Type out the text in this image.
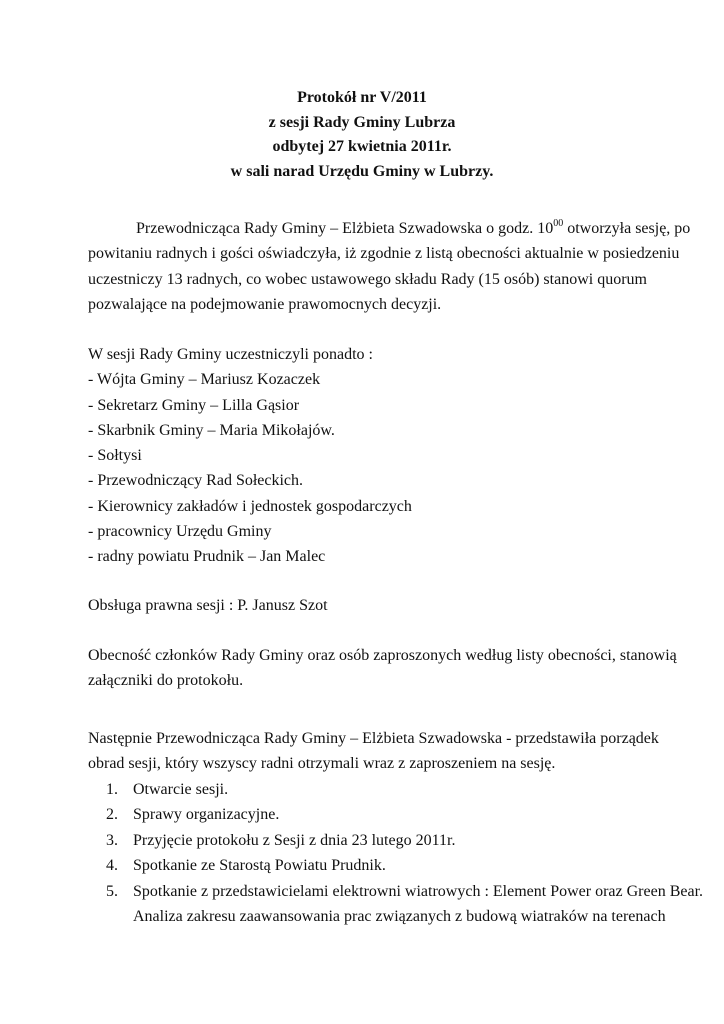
Protokół nr V/2011
z sesji Rady Gminy Lubrza
odbytej 27 kwietnia 2011r.
w sali narad Urzędu Gminy w Lubrzy.
Przewodnicząca Rady Gminy – Elżbieta Szwadowska o godz. $10^{00}$ otworzyła sesję, po
powitaniu radnych i gości oświadczyła, iż zgodnie z listą obecności aktualnie w posiedzeniu
uczestniczy 13 radnych, co wobec ustawowego składu Rady (15 osób) stanowi quorum
pozwalające na podejmowanie prawomocnych decyzji.
W sesji Rady Gminy uczestniczyli ponadto :
- Wójta Gminy – Mariusz Kozaczek
- Sekretarz Gminy – Lilla Gąsior
- Skarbnik Gminy – Maria Mikołajów.
- Sołtysi
- Przewodniczący Rad Sołeckich.
- Kierownicy zakładów i jednostek gospodarczych
- pracownicy Urzędu Gminy
- radny powiatu Prudnik – Jan Malec
Obsługa prawna sesji : P. Janusz Szot
Obecność członków Rady Gminy oraz osób zaproszonych według listy obecności, stanowią
załączniki do protokołu.
Następnie Przewodnicząca Rady Gminy – Elżbieta Szwadowska - przedstawiła porządek
obrad sesji, który wszyscy radni otrzymali wraz z zaproszeniem na sesję.
1. Otwarcie sesji.
2. Sprawy organizacyjne.
3. Przyjęcie protokołu z Sesji z dnia 23 lutego 2011r.
4. Spotkanie ze Starostą Powiatu Prudnik.
5. Spotkanie z przedstawicielami elektrowni wiatrowych : Element Power oraz Green Bear.
Analiza zakresu zaawansowania prac związanych z budową wiatraków na terenach
